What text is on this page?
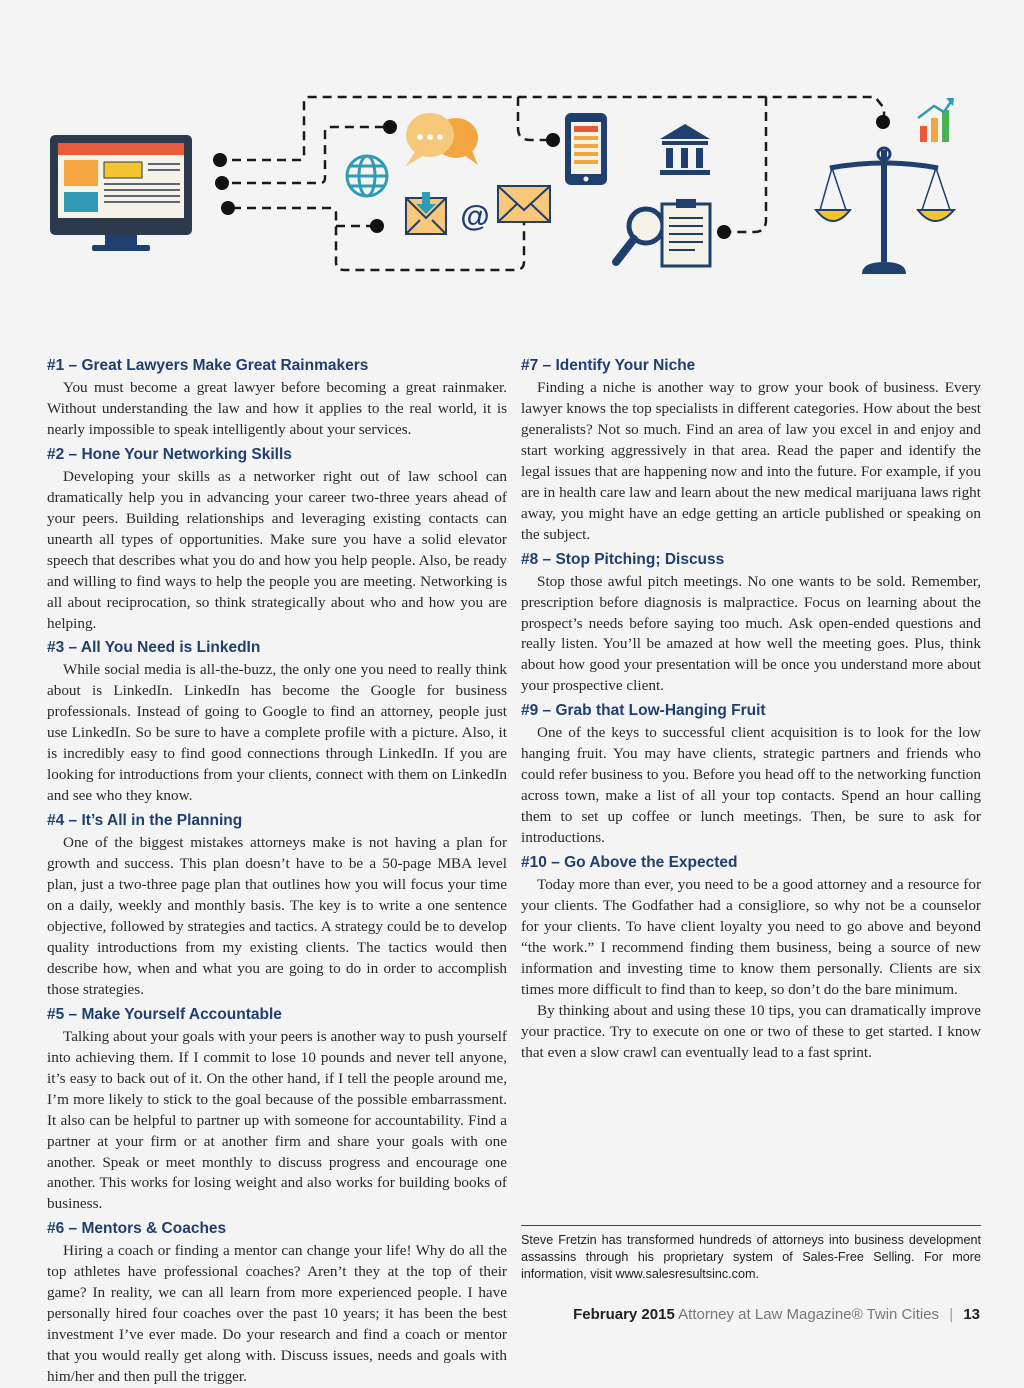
@
#1 – Great Lawyers Make Great Rainmakers

You must become a great lawyer before becoming a great rainmaker. Without understanding the law and how it applies to the real world, it is nearly impossible to speak intelligently about your services.

#2 – Hone Your Networking Skills

Developing your skills as a networker right out of law school can dramatically help you in advancing your career two-three years ahead of your peers. Building relationships and leveraging existing contacts can unearth all types of opportunities. Make sure you have a solid elevator speech that describes what you do and how you help people. Also, be ready and willing to find ways to help the people you are meeting. Networking is all about reciprocation, so think strategically about who and how you are helping.

#3 – All You Need is LinkedIn

While social media is all-the-buzz, the only one you need to really think about is LinkedIn. LinkedIn has become the Google for business professionals. Instead of going to Google to find an attorney, people just use LinkedIn. So be sure to have a complete profile with a picture. Also, it is incredibly easy to find good connections through LinkedIn. If you are looking for introductions from your clients, connect with them on LinkedIn and see who they know.

#4 – It’s All in the Planning

One of the biggest mistakes attorneys make is not having a plan for growth and success. This plan doesn’t have to be a 50-page MBA level plan, just a two-three page plan that outlines how you will focus your time on a daily, weekly and monthly basis. The key is to write a one sentence objective, followed by strategies and tactics. A strategy could be to develop quality introductions from my existing clients. The tactics would then describe how, when and what you are going to do in order to accomplish those strategies.

#5 – Make Yourself Accountable

Talking about your goals with your peers is another way to push yourself into achieving them. If I commit to lose 10 pounds and never tell anyone, it’s easy to back out of it. On the other hand, if I tell the people around me, I’m more likely to stick to the goal because of the possible embarrassment. It also can be helpful to partner up with someone for accountability. Find a partner at your firm or at another firm and share your goals with one another. Speak or meet monthly to discuss progress and encourage one another. This works for losing weight and also works for building books of business.

#6 – Mentors & Coaches

Hiring a coach or finding a mentor can change your life! Why do all the top athletes have professional coaches? Aren’t they at the top of their game? In reality, we can all learn from more experienced people. I have personally hired four coaches over the past 10 years; it has been the best investment I’ve ever made. Do your research and find a coach or mentor that you would really get along with. Discuss issues, needs and goals with him/her and then pull the trigger.

#7 – Identify Your Niche

Finding a niche is another way to grow your book of business. Every lawyer knows the top specialists in different categories. How about the best generalists? Not so much. Find an area of law you excel in and enjoy and start working aggressively in that area. Read the paper and identify the legal issues that are happening now and into the future. For example, if you are in health care law and learn about the new medical marijuana laws right away, you might have an edge getting an article published or speaking on the subject.

#8 – Stop Pitching; Discuss

Stop those awful pitch meetings. No one wants to be sold. Remember, prescription before diagnosis is malpractice. Focus on learning about the prospect’s needs before saying too much. Ask open-ended questions and really listen. You’ll be amazed at how well the meeting goes. Plus, think about how good your presentation will be once you understand more about your prospective client.

#9 – Grab that Low-Hanging Fruit

One of the keys to successful client acquisition is to look for the low hanging fruit. You may have clients, strategic partners and friends who could refer business to you. Before you head off to the networking function across town, make a list of all your top contacts. Spend an hour calling them to set up coffee or lunch meetings. Then, be sure to ask for introductions.

#10 – Go Above the Expected

Today more than ever, you need to be a good attorney and a resource for your clients. The Godfather had a consigliore, so why not be a counselor for your clients. To have client loyalty you need to go above and beyond “the work.” I recommend finding them business, being a source of new information and investing time to know them personally. Clients are six times more difficult to find than to keep, so don’t do the bare minimum.

By thinking about and using these 10 tips, you can dramatically improve your practice. Try to execute on one or two of these to get started. I know that even a slow crawl can eventually lead to a fast sprint.

Steve Fretzin has transformed hundreds of attorneys into business development assassins through his proprietary system of Sales-Free Selling. For more information, visit www.salesresultsinc.com.
February 2015 Attorney at Law Magazine® Twin Cities | 13
